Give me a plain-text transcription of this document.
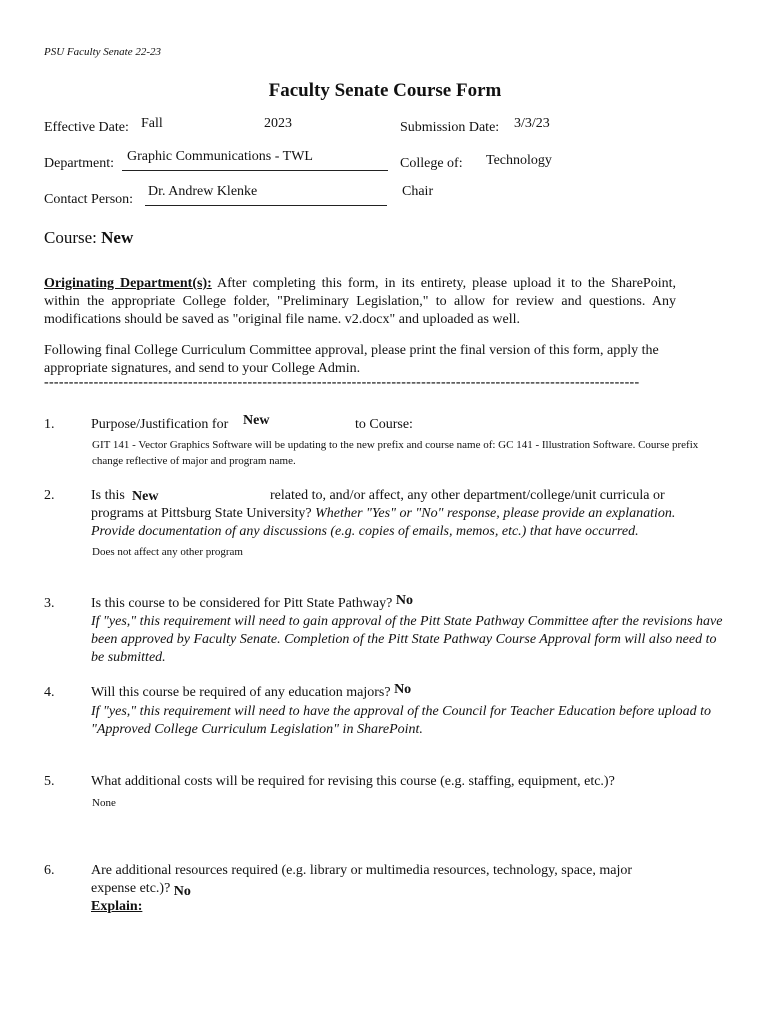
PSU Faculty Senate 22-23
Faculty Senate Course Form
Effective Date: Fall	2023	Submission Date: 3/3/23
Department: Graphic Communications - TWL	College of: Technology
Contact Person:
Dr. Andrew Klenke	Chair
Course: New
Originating Department(s): After completing this form, in its entirety, please upload it to the SharePoint, within the appropriate College folder, "Preliminary Legislation," to allow for review and questions. Any modifications should be saved as "original file name. v2.docx" and uploaded as well.
Following final College Curriculum Committee approval, please print the final version of this form, apply the appropriate signatures, and send to your College Admin.
------------------------------------------------------------------------------------------------------------------------
1.	Purpose/Justification for New	to Course:
GIT 141 - Vector Graphics Software will be updating to the new prefix and course name of: GC 141 - Illustration Software. Course prefix change reflective of major and program name.
2.	Is this New	related to, and/or affect, any other department/college/unit curricula or
programs at Pittsburg State University? Whether "Yes" or "No" response, please provide an explanation.
Provide documentation of any discussions (e.g. copies of emails, memos, etc.) that have occurred.
Does not affect any other program
3.	Is this course to be considered for Pitt State Pathway? No
If "yes," this requirement will need to gain approval of the Pitt State Pathway Committee after the revisions have been approved by Faculty Senate. Completion of the Pitt State Pathway Course Approval form will also need to be submitted.
4.	Will this course be required of any education majors? No
If "yes," this requirement will need to have the approval of the Council for Teacher Education before upload to "Approved College Curriculum Legislation" in SharePoint.
5.	What additional costs will be required for revising this course (e.g. staffing, equipment, etc.)?
None
6.	Are additional resources required (e.g. library or multimedia resources, technology, space, major
expense etc.)? No
Explain:
